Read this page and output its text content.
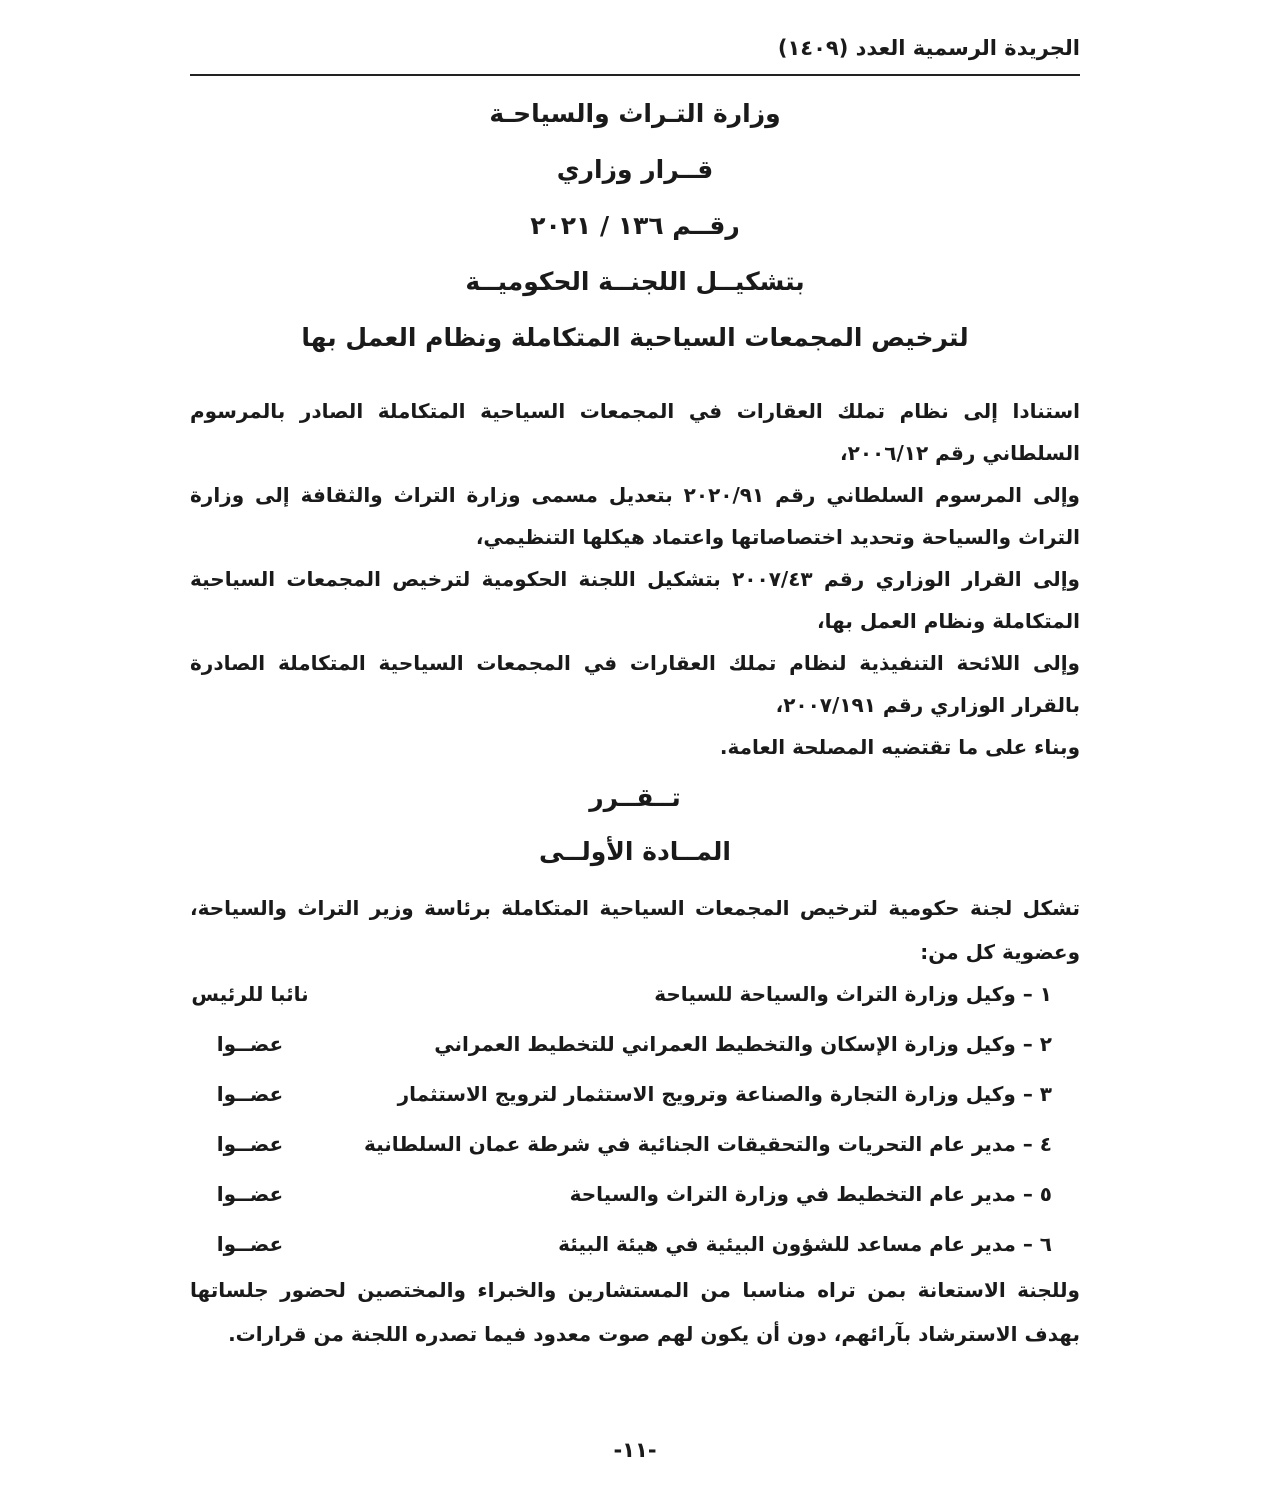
الجريدة الرسمية العدد (١٤٠٩)
وزارة التـراث والسياحـة
قــرار وزاري
رقــم ١٣٦ / ٢٠٢١
بتشكيــل اللجنــة الحكوميــة
لترخيص المجمعات السياحية المتكاملة ونظام العمل بها

استنادا إلى نظام تملك العقارات في المجمعات السياحية المتكاملة الصادر بالمرسوم السلطاني رقم ٢٠٠٦/١٢،

وإلى المرسوم السلطاني رقم ٢٠٢٠/٩١ بتعديل مسمى وزارة التراث والثقافة إلى وزارة التراث والسياحة وتحديد اختصاصاتها واعتماد هيكلها التنظيمي،

وإلى القرار الوزاري رقم ٢٠٠٧/٤٣ بتشكيل اللجنة الحكومية لترخيص المجمعات السياحية المتكاملة ونظام العمل بها،

وإلى اللائحة التنفيذية لنظام تملك العقارات في المجمعات السياحية المتكاملة الصادرة بالقرار الوزاري رقم ٢٠٠٧/١٩١،

وبناء على ما تقتضيه المصلحة العامة.

تــقــرر
المــادة الأولــى

تشكل لجنة حكومية لترخيص المجمعات السياحية المتكاملة برئاسة وزير التراث والسياحة، وعضوية كل من:

١ – وكيل وزارة التراث والسياحة للسياحة
نائبا للرئيس
٢ – وكيل وزارة الإسكان والتخطيط العمراني للتخطيط العمراني
عضــوا
٣ – وكيل وزارة التجارة والصناعة وترويج الاستثمار لترويج الاستثمار
عضــوا
٤ – مدير عام التحريات والتحقيقات الجنائية في شرطة عمان السلطانية
عضــوا
٥ – مدير عام التخطيط في وزارة التراث والسياحة
عضــوا
٦ – مدير عام مساعد للشؤون البيئية في هيئة البيئة
عضــوا

وللجنة الاستعانة بمن تراه مناسبا من المستشارين والخبراء والمختصين لحضور جلساتها بهدف الاسترشاد بآرائهم، دون أن يكون لهم صوت معدود فيما تصدره اللجنة من قرارات.

-١١-
